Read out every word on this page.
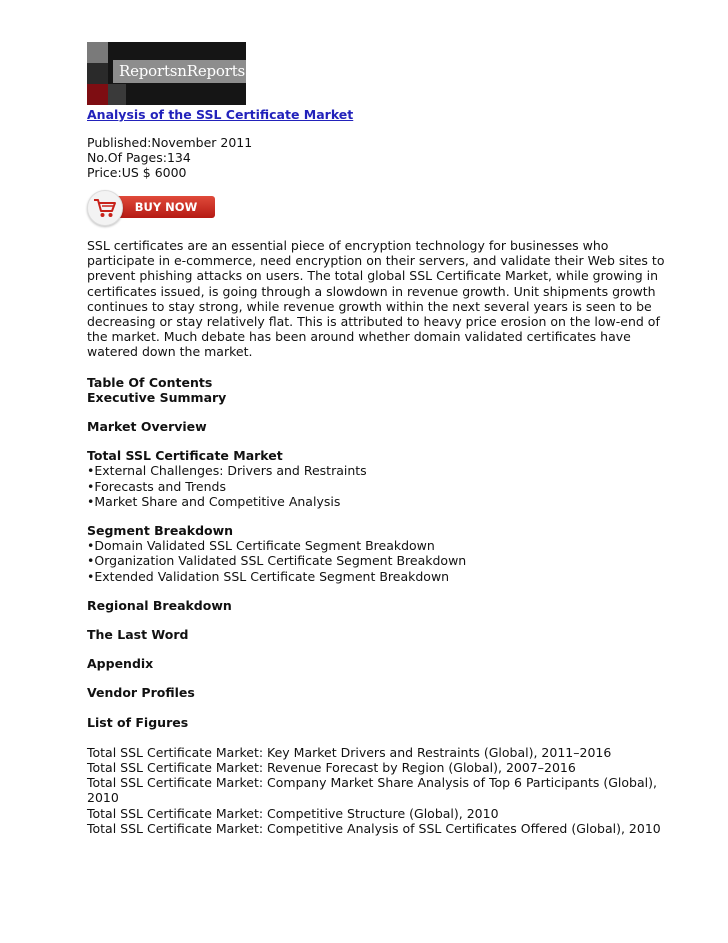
ReportsnReports
Analysis of the SSL Certificate Market
Published:November 2011
No.Of Pages:134
Price:US $ 6000
BUY NOW
SSL certificates are an essential piece of encryption technology for businesses who participate in e-commerce, need encryption on their servers, and validate their Web sites to prevent phishing attacks on users. The total global SSL Certificate Market, while growing in certificates issued, is going through a slowdown in revenue growth. Unit shipments growth continues to stay strong, while revenue growth within the next several years is seen to be decreasing or stay relatively flat. This is attributed to heavy price erosion on the low-end of the market. Much debate has been around whether domain validated certificates have watered down the market.
Table Of Contents
Executive Summary
Market Overview
Total SSL Certificate Market
•External Challenges: Drivers and Restraints
•Forecasts and Trends
•Market Share and Competitive Analysis
Segment Breakdown
•Domain Validated SSL Certificate Segment Breakdown
•Organization Validated SSL Certificate Segment Breakdown
•Extended Validation SSL Certificate Segment Breakdown
Regional Breakdown
The Last Word
Appendix
Vendor Profiles
List of Figures
Total SSL Certificate Market: Key Market Drivers and Restraints (Global), 2011–2016
Total SSL Certificate Market: Revenue Forecast by Region (Global), 2007–2016
Total SSL Certificate Market: Company Market Share Analysis of Top 6 Participants (Global),
2010
Total SSL Certificate Market: Competitive Structure (Global), 2010
Total SSL Certificate Market: Competitive Analysis of SSL Certificates Offered (Global), 2010
